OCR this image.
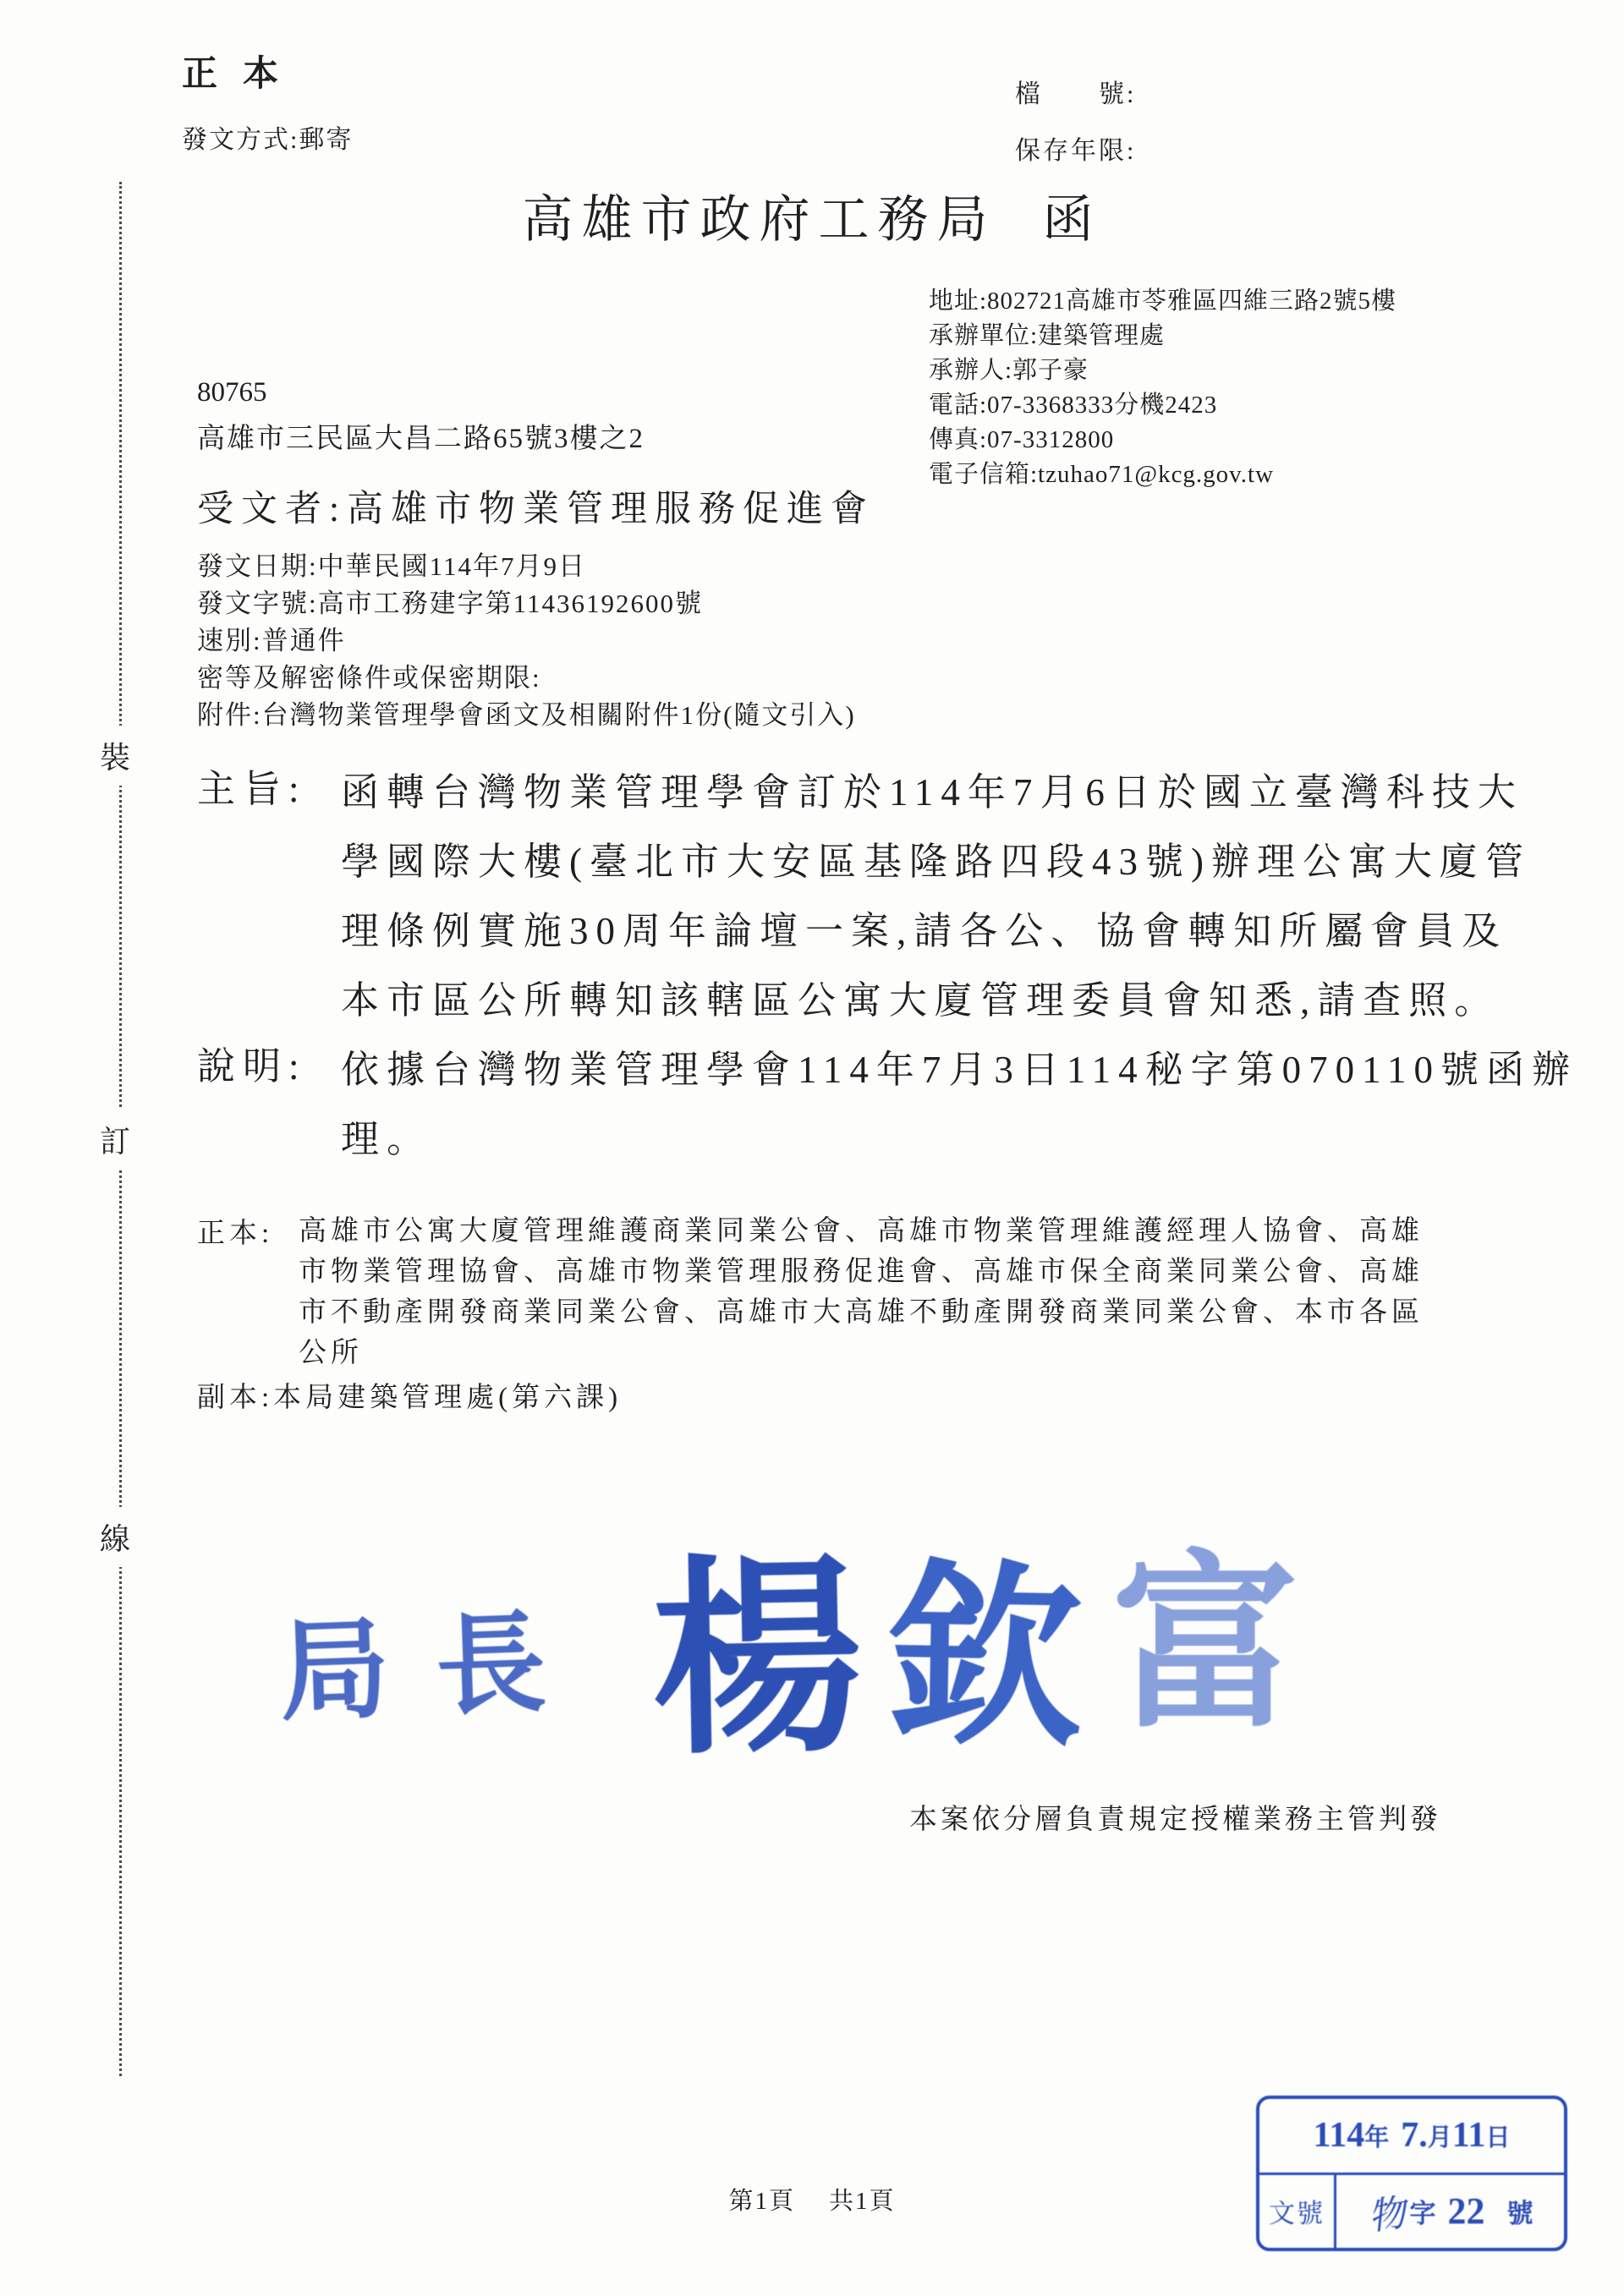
裝
訂
線
正本
發文方式:郵寄
檔　　號:
保存年限:
高雄市政府工務局 函
地址:802721高雄市苓雅區四維三路2號5樓
承辦單位:建築管理處
承辦人:郭子豪
電話:07-3368333分機2423
傳真:07-3312800
電子信箱:tzuhao71@kcg.gov.tw
80765
高雄市三民區大昌二路65號3樓之2
受文者:高雄市物業管理服務促進會
發文日期:中華民國114年7月9日
發文字號:高市工務建字第11436192600號
速別:普通件
密等及解密條件或保密期限:
附件:台灣物業管理學會函文及相關附件1份(隨文引入)
主旨: 函轉台灣物業管理學會訂於114年7月6日於國立臺灣科技大
學國際大樓(臺北市大安區基隆路四段43號)辦理公寓大廈管
理條例實施30周年論壇一案,請各公、協會轉知所屬會員及
本市區公所轉知該轄區公寓大廈管理委員會知悉,請查照。
說明: 依據台灣物業管理學會114年7月3日114秘字第070110號函辦
理。
正本: 高雄市公寓大廈管理維護商業同業公會、高雄市物業管理維護經理人協會、高雄
市物業管理協會、高雄市物業管理服務促進會、高雄市保全商業同業公會、高雄
市不動產開發商業同業公會、高雄市大高雄不動產開發商業同業公會、本市各區
公所
副本:本局建築管理處(第六課)
局長 楊 欽 富
本案依分層負責規定授權業務主管判發
第1頁 共1頁
114 年 7. 月 11 日
文號	物 字 22 號
